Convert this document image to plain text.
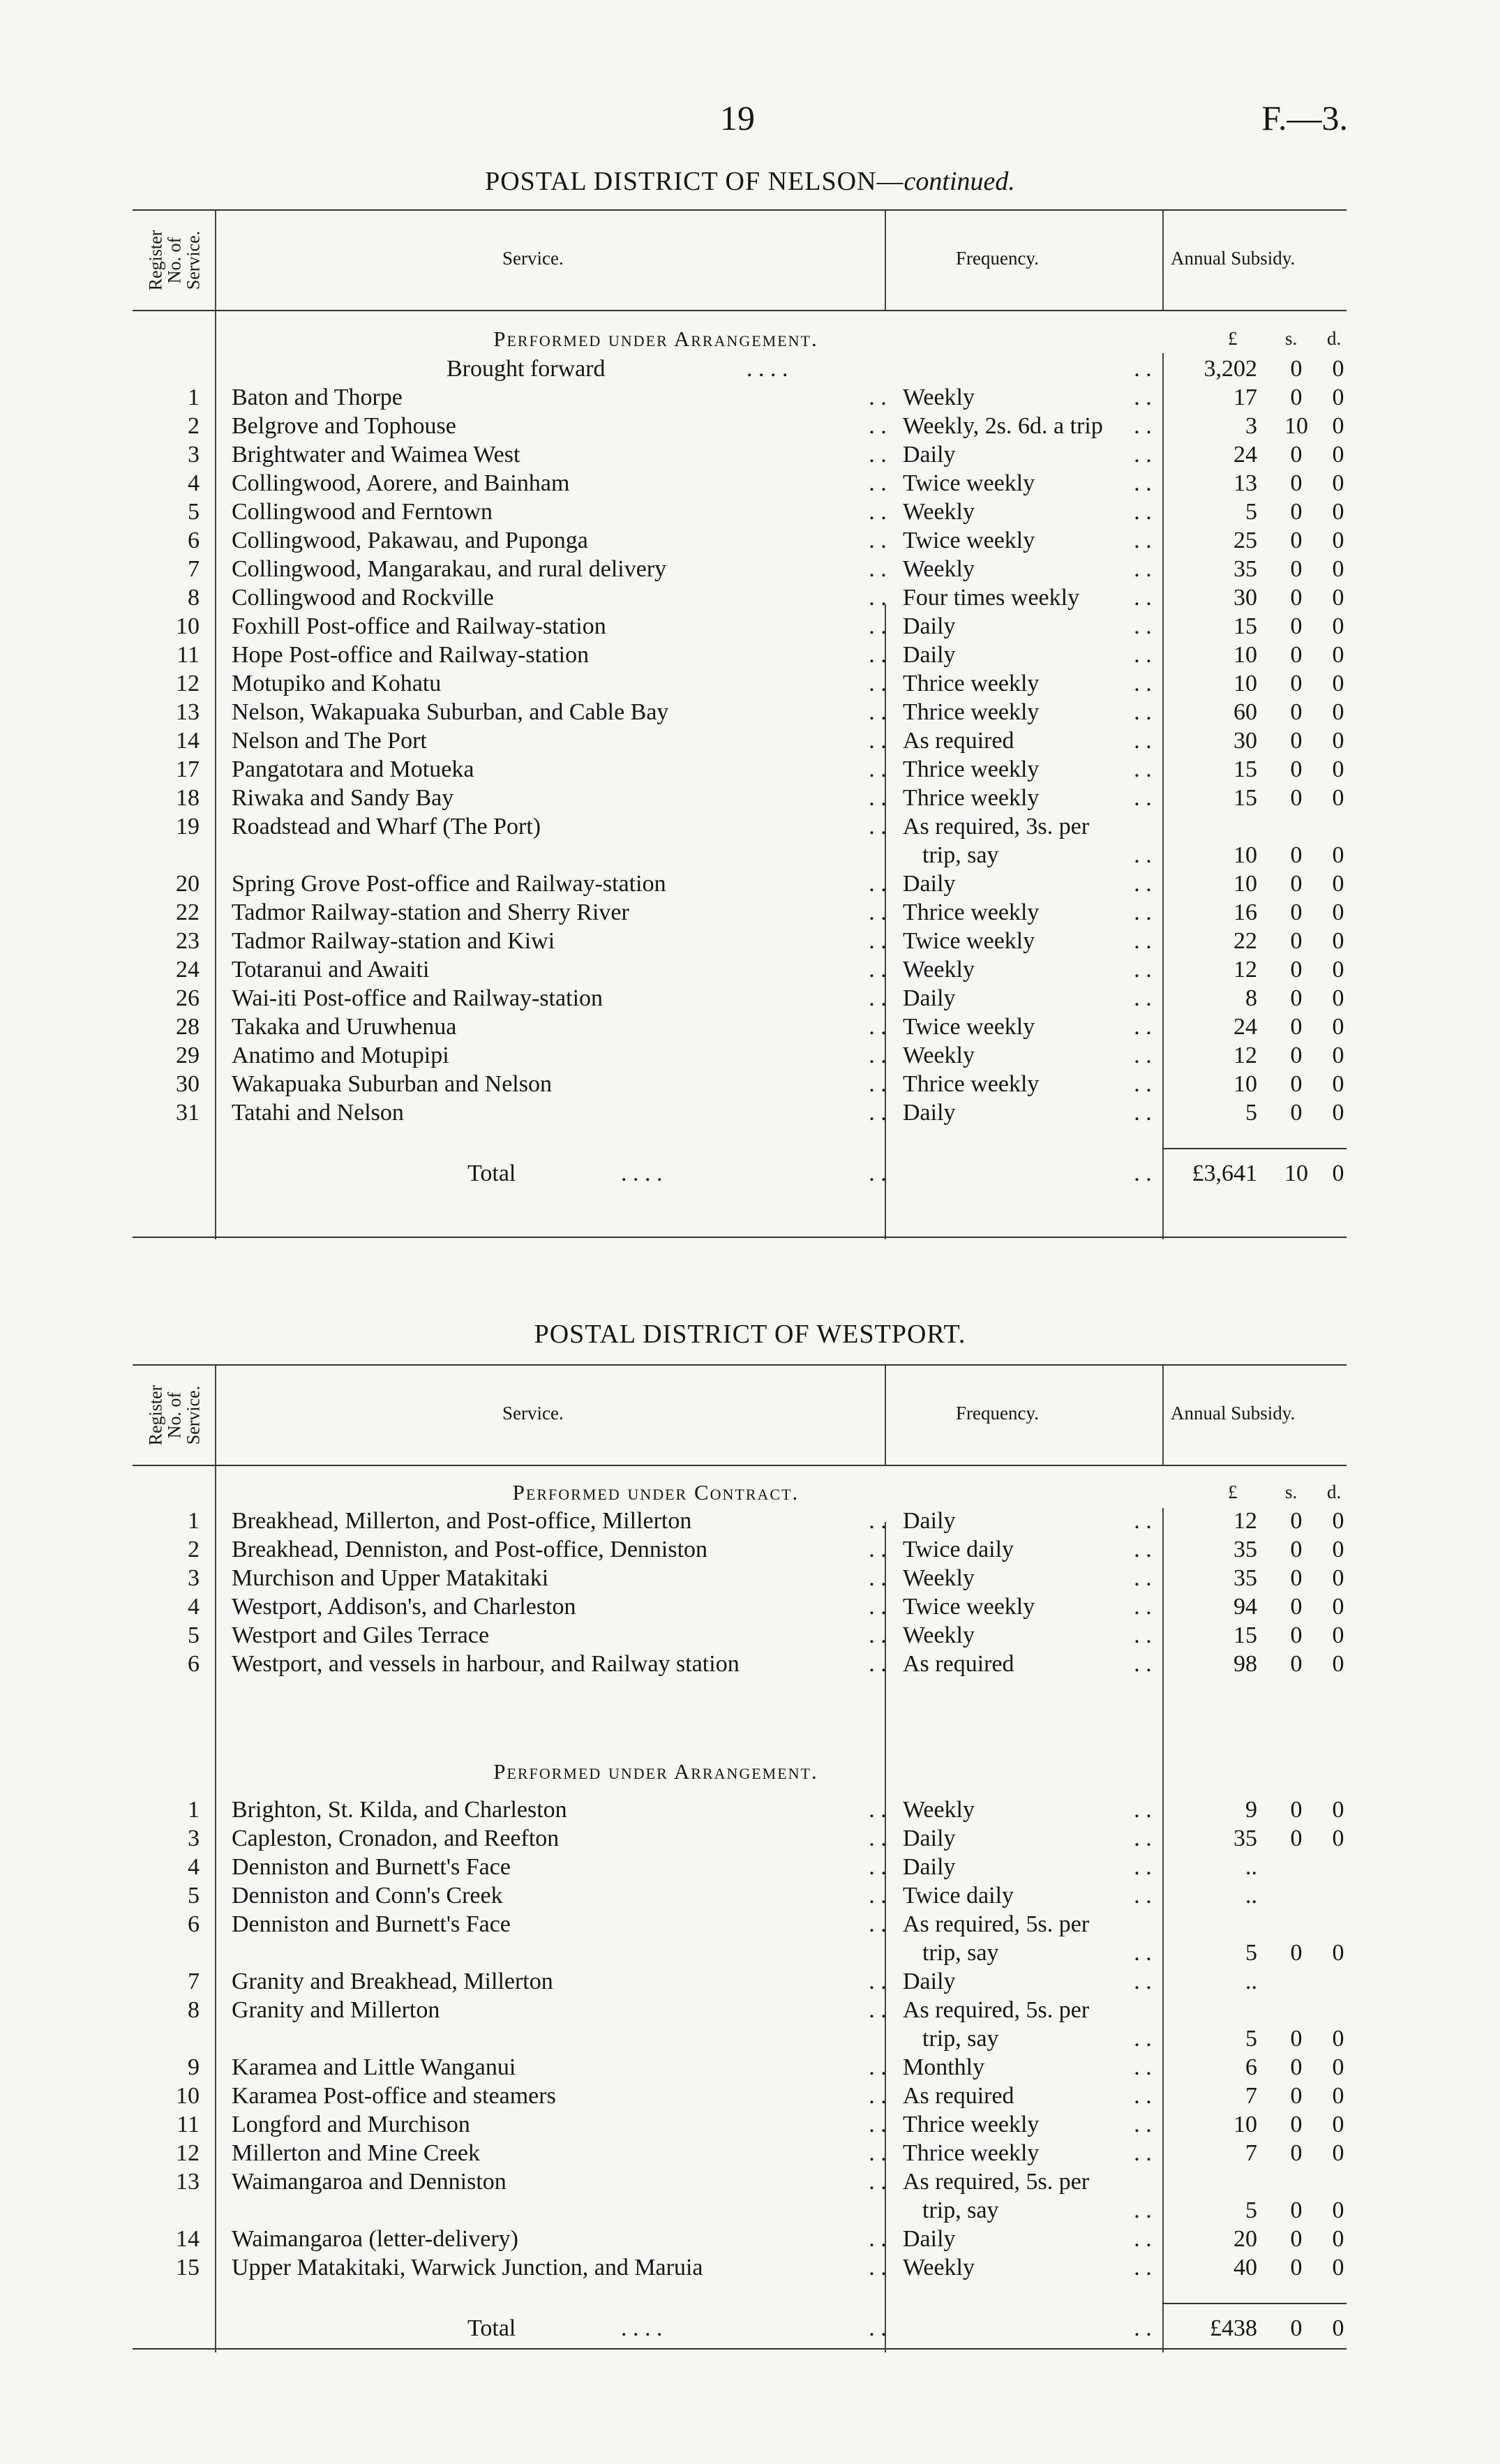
19	F.—3.
POSTAL DISTRICT OF NELSON—continued.
Register
No. of
Service.	Service.	Frequency.	Annual Subsidy.
Performed under Arrangement.	£	s. d.
Brought forward	. . . .	. .	3,202 0 0
1 Baton and Thorpe	. . Weekly	. .	17 0 0
2 Belgrove and Tophouse	. . Weekly, 2s. 6d. a trip	. .	3 10 0
3 Brightwater and Waimea West	. . Daily	. .	24 0 0
4 Collingwood, Aorere, and Bainham	. . Twice weekly	. .	13 0 0
5 Collingwood and Ferntown	. . Weekly	. .	5 0 0
6 Collingwood, Pakawau, and Puponga	. . Twice weekly	. .	25 0 0
7 Collingwood, Mangarakau, and rural delivery	. . Weekly	. .	35 0 0
8 Collingwood and Rockville	. . Four times weekly	. .	30 0 0
10 Foxhill Post-office and Railway-station	. . Daily	. .	15 0 0
11 Hope Post-office and Railway-station	. . Daily	. .	10 0 0
12 Motupiko and Kohatu	. . Thrice weekly	. .	10 0 0
13 Nelson, Wakapuaka Suburban, and Cable Bay	. . Thrice weekly	. .	60 0 0
14 Nelson and The Port	. . As required	. .	30 0 0
17 Pangatotara and Motueka	. . Thrice weekly	. .	15 0 0
18 Riwaka and Sandy Bay	. . Thrice weekly	. .	15 0 0
19 Roadstead and Wharf (The Port)	. . As required, 3s. per
trip, say	. .	10 0 0
20 Spring Grove Post-office and Railway-station	. . Daily	. .	10 0 0
22 Tadmor Railway-station and Sherry River	. . Thrice weekly	. .	16 0 0
23 Tadmor Railway-station and Kiwi	. . Twice weekly	. .	22 0 0
24 Totaranui and Awaiti	. . Weekly	. .	12 0 0
26 Wai-iti Post-office and Railway-station	. . Daily	. .	8 0 0
28 Takaka and Uruwhenua	. . Twice weekly	. .	24 0 0
29 Anatimo and Motupipi	. . Weekly	. .	12 0 0
30 Wakapuaka Suburban and Nelson	. . Thrice weekly	. .	10 0 0
31 Tatahi and Nelson	. . Daily	. .	5 0 0
Total	. . . .	. .	. .	£3,641 10 0
POSTAL DISTRICT OF WESTPORT.
Register
No. of
Service.	Service.	Frequency.	Annual Subsidy.
Performed under Contract.
Performed under Arrangement.
£	s. d.
1 Breakhead, Millerton, and Post-office, Millerton	. . Daily	. .	12 0 0
2 Breakhead, Denniston, and Post-office, Denniston	. . Twice daily	. .	35 0 0
3 Murchison and Upper Matakitaki	. . Weekly	. .	35 0 0
4 Westport, Addison's, and Charleston	. . Twice weekly	. .	94 0 0
5 Westport and Giles Terrace	. . Weekly	. .	15 0 0
6 Westport, and vessels in harbour, and Railway station	. . As required	. .	98 0 0
1 Brighton, St. Kilda, and Charleston	. . Weekly	. .	9 0 0
3 Capleston, Cronadon, and Reefton	. . Daily	. .	35 0 0
4 Denniston and Burnett's Face	. . Daily	. .	..
5 Denniston and Conn's Creek	. . Twice daily	. .	..
6 Denniston and Burnett's Face	. . As required, 5s. per
trip, say	. .	5 0 0
7 Granity and Breakhead, Millerton	. . Daily	. .	..
8 Granity and Millerton	. . As required, 5s. per
trip, say	. .	5 0 0
9 Karamea and Little Wanganui	. . Monthly	. .	6 0 0
10 Karamea Post-office and steamers	. . As required	. .	7 0 0
11 Longford and Murchison	. . Thrice weekly	. .	10 0 0
12 Millerton and Mine Creek	. . Thrice weekly	. .	7 0 0
13 Waimangaroa and Denniston	. . As required, 5s. per
trip, say	. .	5 0 0
14 Waimangaroa (letter-delivery)	. . Daily	. .	20 0 0
15 Upper Matakitaki, Warwick Junction, and Maruia	. . Weekly	. .	40 0 0
Total	. . . .	. .	. .	£438 0 0
